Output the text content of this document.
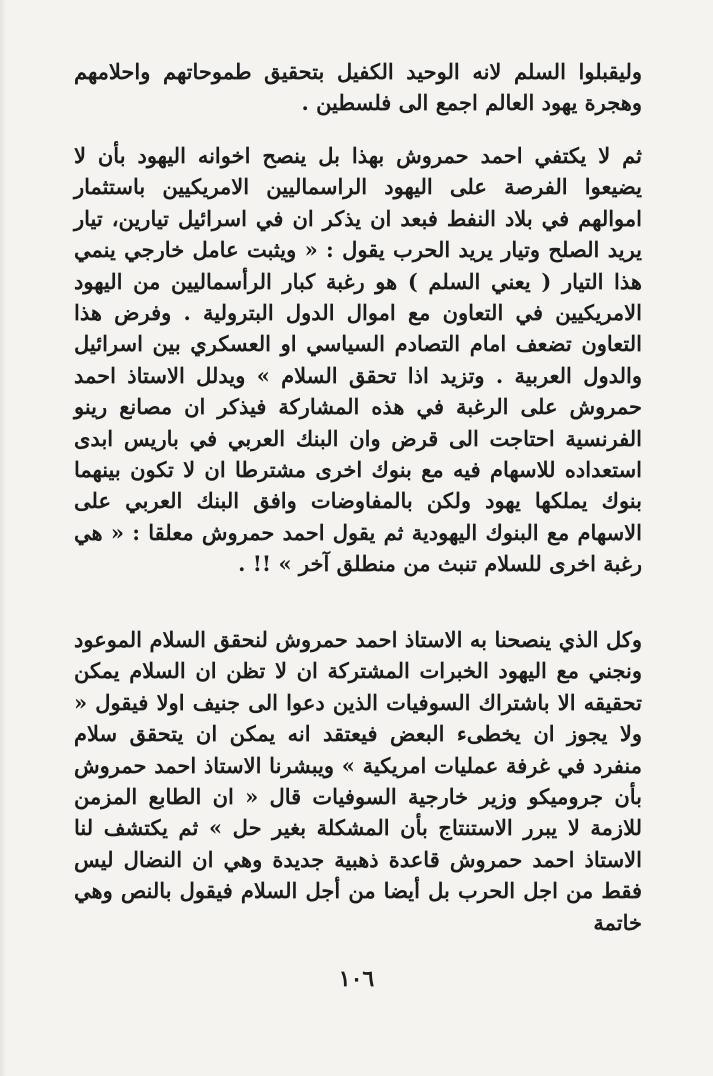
وليقبلوا السلم لانه الوحيد الكفيل بتحقيق طموحاتهم واحلامهم وهجرة يهود العالم اجمع الى فلسطين .

ثم لا يكتفي احمد حمروش بهذا بل ينصح اخوانه اليهود بأن لا يضيعوا الفرصة على اليهود الراسماليين الامريكيين باستثمار اموالهم في بلاد النفط فبعد ان يذكر ان في اسرائيل تيارين، تيار يريد الصلح وتيار يريد الحرب يقول : « ويثبت عامل خارجي ينمي هذا التيار ( يعني السلم ) هو رغبة كبار الرأسماليين من اليهود الامريكيين في التعاون مع اموال الدول البترولية . وفرض هذا التعاون تضعف امام التصادم السياسي او العسكري بين اسرائيل والدول العربية . وتزيد اذا تحقق السلام » ويدلل الاستاذ احمد حمروش على الرغبة في هذه المشاركة فيذكر ان مصانع رينو الفرنسية احتاجت الى قرض وان البنك العربي في باريس ابدى استعداده للاسهام فيه مع بنوك اخرى مشترطا ان لا تكون بينهما بنوك يملكها يهود ولكن بالمفاوضات وافق البنك العربي على الاسهام مع البنوك اليهودية ثم يقول احمد حمروش معلقا : « هي رغبة اخرى للسلام تنبث من منطلق آخر » !! .

وكل الذي ينصحنا به الاستاذ احمد حمروش لنحقق السلام الموعود ونجني مع اليهود الخبرات المشتركة ان لا تظن ان السلام يمكن تحقيقه الا باشتراك السوفيات الذين دعوا الى جنيف اولا فيقول « ولا يجوز ان يخطىء البعض فيعتقد انه يمكن ان يتحقق سلام منفرد في غرفة عمليات امريكية » ويبشرنا الاستاذ احمد حمروش بأن جروميكو وزير خارجية السوفيات قال « ان الطابع المزمن للازمة لا يبرر الاستنتاج بأن المشكلة بغير حل » ثم يكتشف لنا الاستاذ احمد حمروش قاعدة ذهبية جديدة وهي ان النضال ليس فقط من اجل الحرب بل أيضا من أجل السلام فيقول بالنص وهي خاتمة

١٠٦
